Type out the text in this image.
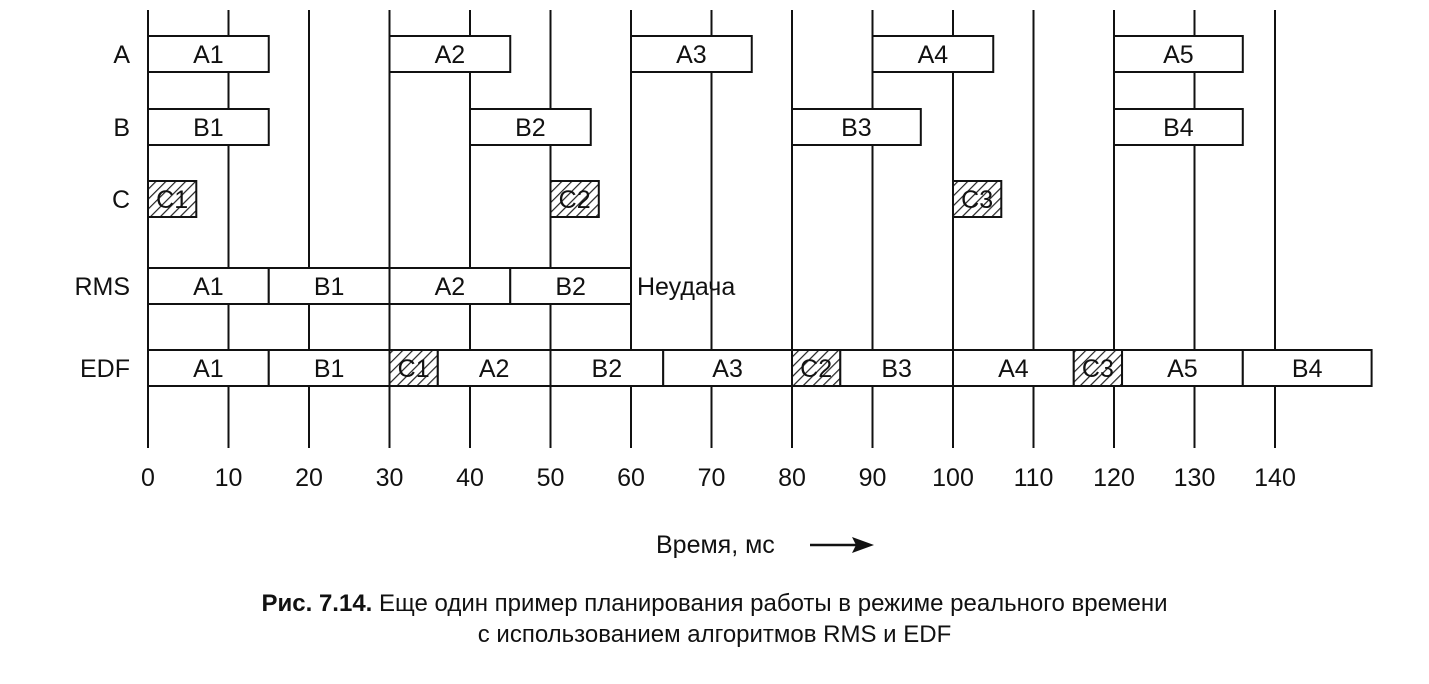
A	A1	A2	A3	A4	A5
B	B1	B2	B3	B4
C C1	C2	C3
RMS	A1	B1	A2	B2 Неудача
EDF	A1	B1 C1 A2	B2	A3 C2 B3	A4 C3 A5	B4
0 10 20 30 40 50 60 70 80 90 100 110 120 130 140
Время, мс
Рис. 7.14. Еще один пример планирования работы в режиме реального времени
с использованием алгоритмов RMS и EDF
